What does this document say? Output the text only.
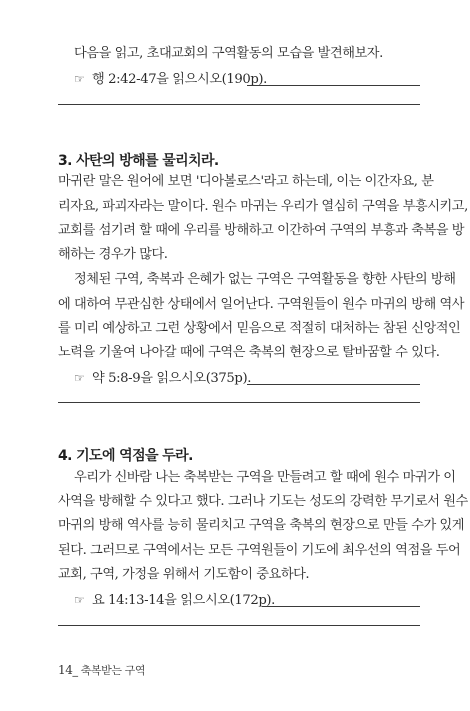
다음을 읽고, 초대교회의 구역활동의 모습을 발견해보자.
☞ 행 2:42-47을 읽으시오(190p).
3. 사탄의 방해를 물리치라.
마귀란 말은 원어에 보면 '디아볼로스'라고 하는데, 이는 이간자요, 분
리자요, 파괴자라는 말이다. 원수 마귀는 우리가 열심히 구역을 부흥시키고,
교회를 섬기려 할 때에 우리를 방해하고 이간하여 구역의 부흥과 축복을 방
해하는 경우가 많다.
정체된 구역, 축복과 은혜가 없는 구역은 구역활동을 향한 사탄의 방해
에 대하여 무관심한 상태에서 일어난다. 구역원들이 원수 마귀의 방해 역사
를 미리 예상하고 그런 상황에서 믿음으로 적절히 대처하는 참된 신앙적인
노력을 기울여 나아갈 때에 구역은 축복의 현장으로 탈바꿈할 수 있다.
☞ 약 5:8-9을 읽으시오(375p).
4. 기도에 역점을 두라.
우리가 신바람 나는 축복받는 구역을 만들려고 할 때에 원수 마귀가 이
사역을 방해할 수 있다고 했다. 그러나 기도는 성도의 강력한 무기로서 원수
마귀의 방해 역사를 능히 물리치고 구역을 축복의 현장으로 만들 수가 있게
된다. 그러므로 구역에서는 모든 구역원들이 기도에 최우선의 역점을 두어
교회, 구역, 가정을 위해서 기도함이 중요하다.
☞ 요 14:13-14을 읽으시오(172p).
14_ 축복받는 구역
